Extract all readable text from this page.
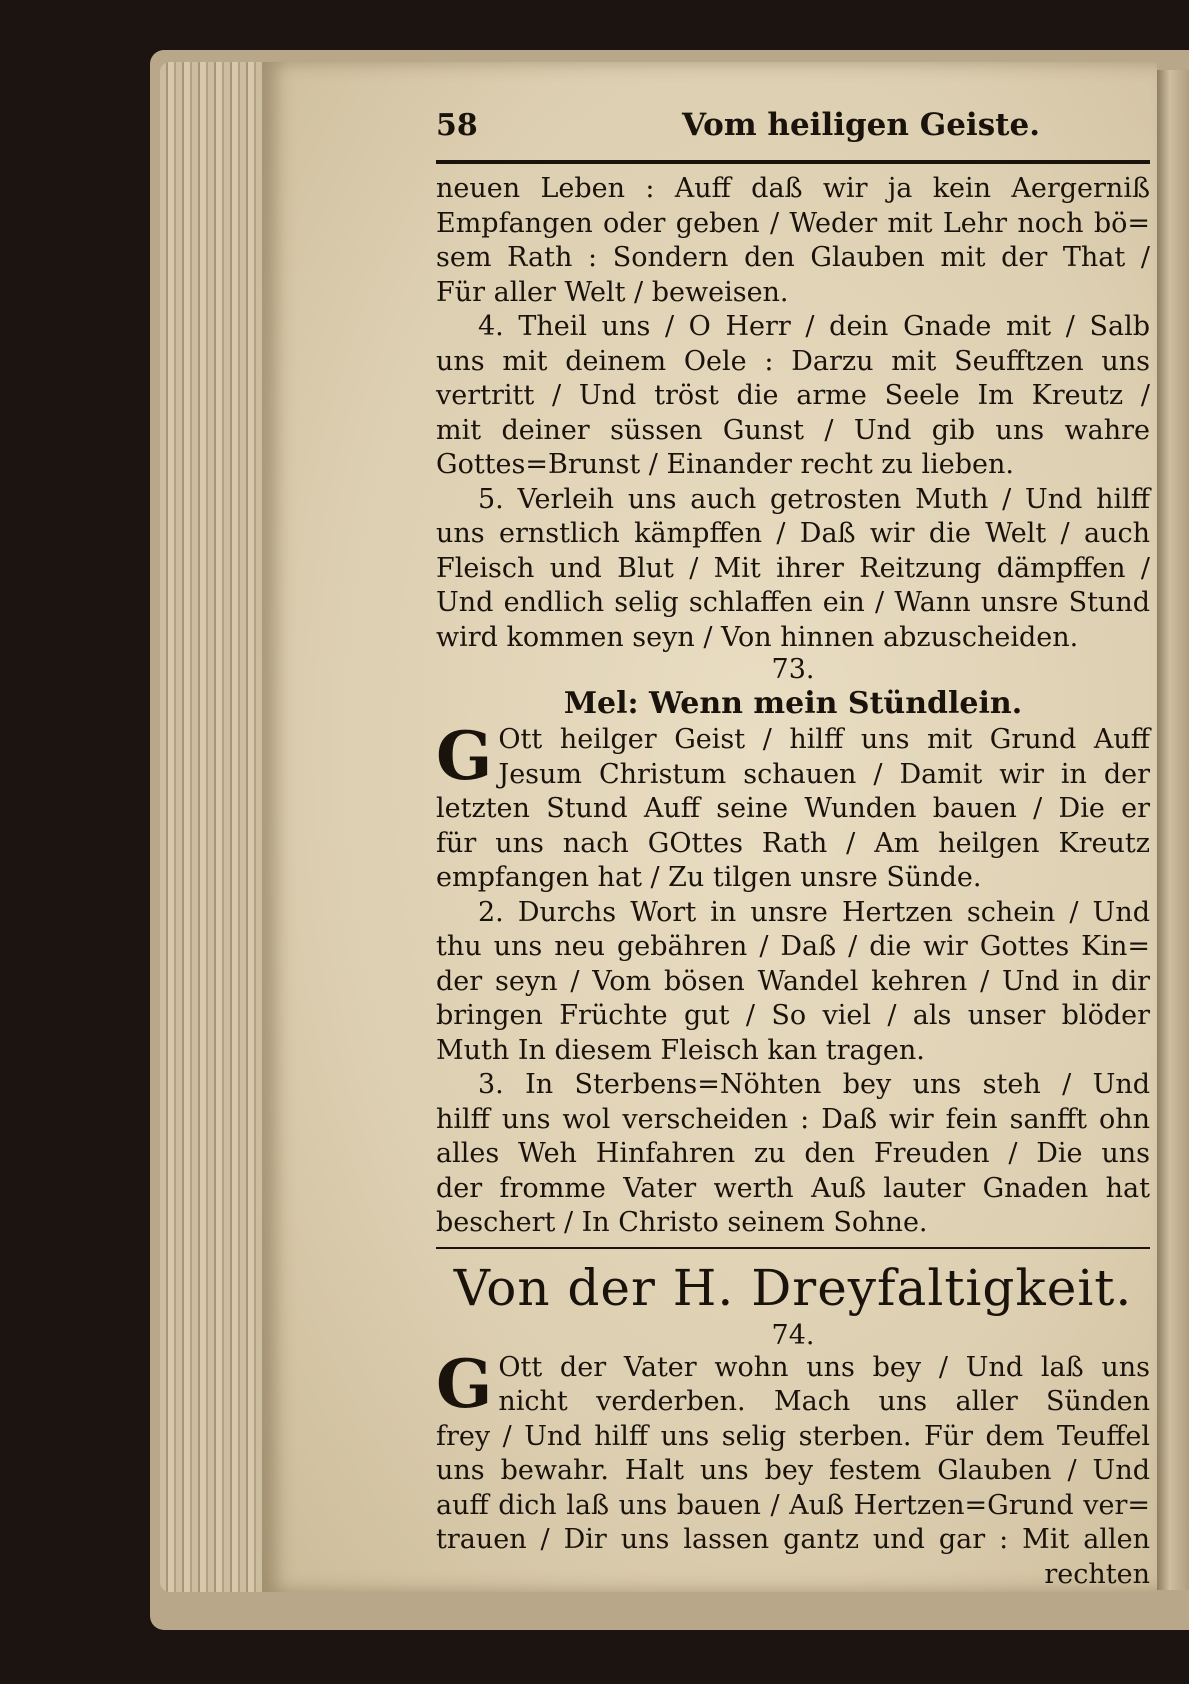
58	Vom heiligen Geiste.
neuen Leben : Auff daß wir ja kein Aergerniß
Empfangen oder geben / Weder mit Lehr noch bö=
sem Rath : Sondern den Glauben mit der That /
Für aller Welt / beweisen.
4. Theil uns / O Herr / dein Gnade mit / Salb
uns mit deinem Oele : Darzu mit Seufftzen uns
vertritt / Und tröst die arme Seele Im Kreutz /
mit deiner süssen Gunst / Und gib uns wahre
Gottes=Brunst / Einander recht zu lieben.
5. Verleih uns auch getrosten Muth / Und hilff
uns ernstlich kämpffen / Daß wir die Welt / auch
Fleisch und Blut / Mit ihrer Reitzung dämpffen /
Und endlich selig schlaffen ein / Wann unsre Stund
wird kommen seyn / Von hinnen abzuscheiden.
73.
Mel: Wenn mein Stündlein.
G Ott heilger Geist / hilff uns mit Grund Auff
Jesum Christum schauen / Damit wir in der
letzten Stund Auff seine Wunden bauen / Die er
für uns nach GOttes Rath / Am heilgen Kreutz
empfangen hat / Zu tilgen unsre Sünde.
2. Durchs Wort in unsre Hertzen schein / Und
thu uns neu gebähren / Daß / die wir Gottes Kin=
der seyn / Vom bösen Wandel kehren / Und in dir
bringen Früchte gut / So viel / als unser blöder
Muth In diesem Fleisch kan tragen.
3. In Sterbens=Nöhten bey uns steh / Und
hilff uns wol verscheiden : Daß wir fein sanfft ohn
alles Weh Hinfahren zu den Freuden / Die uns
der fromme Vater werth Auß lauter Gnaden hat
beschert / In Christo seinem Sohne.
Von der H. Dreyfaltigkeit.
74.
G Ott der Vater wohn uns bey / Und laß uns
nicht verderben. Mach uns aller Sünden
frey / Und hilff uns selig sterben. Für dem Teuffel
uns bewahr. Halt uns bey festem Glauben / Und
auff dich laß uns bauen / Auß Hertzen=Grund ver=
trauen / Dir uns lassen gantz und gar : Mit allen
rechten
